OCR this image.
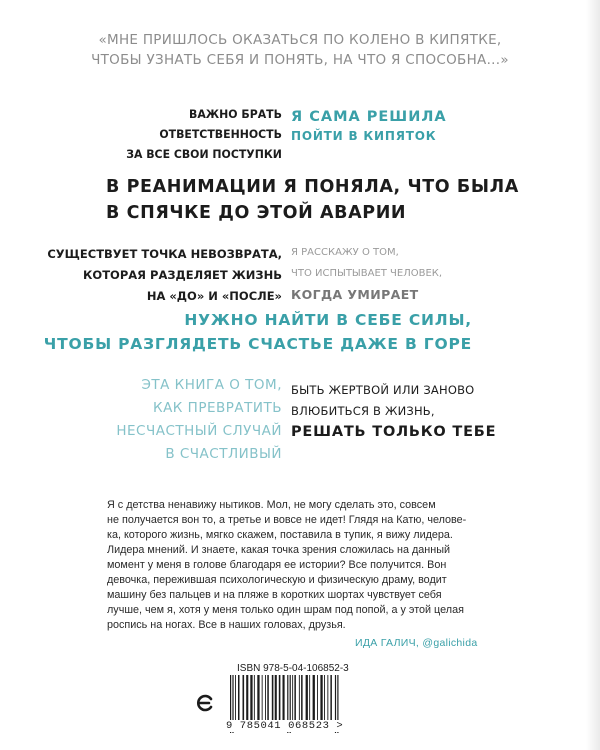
«МНЕ ПРИШЛОСЬ ОКАЗАТЬСЯ ПО КОЛЕНО В КИПЯТКЕ,
ЧТОБЫ УЗНАТЬ СЕБЯ И ПОНЯТЬ, НА ЧТО Я СПОСОБНА...»
ВАЖНО БРАТЬ
ОТВЕТСТВЕННОСТЬ
ЗА ВСЕ СВОИ ПОСТУПКИ
Я САМА РЕШИЛА
ПОЙТИ В КИПЯТОК
В РЕАНИМАЦИИ Я ПОНЯЛА, ЧТО БЫЛА
В СПЯЧКЕ ДО ЭТОЙ АВАРИИ
СУЩЕСТВУЕТ ТОЧКА НЕВОЗВРАТА,
КОТОРАЯ РАЗДЕЛЯЕТ ЖИЗНЬ
НА «ДО» И «ПОСЛЕ»
Я РАССКАЖУ О ТОМ,
ЧТО ИСПЫТЫВАЕТ ЧЕЛОВЕК,
КОГДА УМИРАЕТ
НУЖНО НАЙТИ В СЕБЕ СИЛЫ,
ЧТОБЫ РАЗГЛЯДЕТЬ СЧАСТЬЕ ДАЖЕ В ГОРЕ
ЭТА КНИГА О ТОМ,
КАК ПРЕВРАТИТЬ
НЕСЧАСТНЫЙ СЛУЧАЙ
В СЧАСТЛИВЫЙ
БЫТЬ ЖЕРТВОЙ ИЛИ ЗАНОВО
ВЛЮБИТЬСЯ В ЖИЗНЬ,
РЕШАТЬ ТОЛЬКО ТЕБЕ
Я с детства ненавижу нытиков. Мол, не могу сделать это, совсем
не получается вон то, а третье и вовсе не идет! Глядя на Катю, челове-
ка, которого жизнь, мягко скажем, поставила в тупик, я вижу лидера.
Лидера мнений. И знаете, какая точка зрения сложилась на данный
момент у меня в голове благодаря ее истории? Все получится. Вон
девочка, пережившая психологическую и физическую драму, водит
машину без пальцев и на пляже в коротких шортах чувствует себя
лучше, чем я, хотя у меня только один шрам под попой, а у этой целая
роспись на ногах. Все в наших головах, друзья.
ИДА ГАЛИЧ, @galichida
ISBN 978-5-04-106852-3
9 785041 068523 >
